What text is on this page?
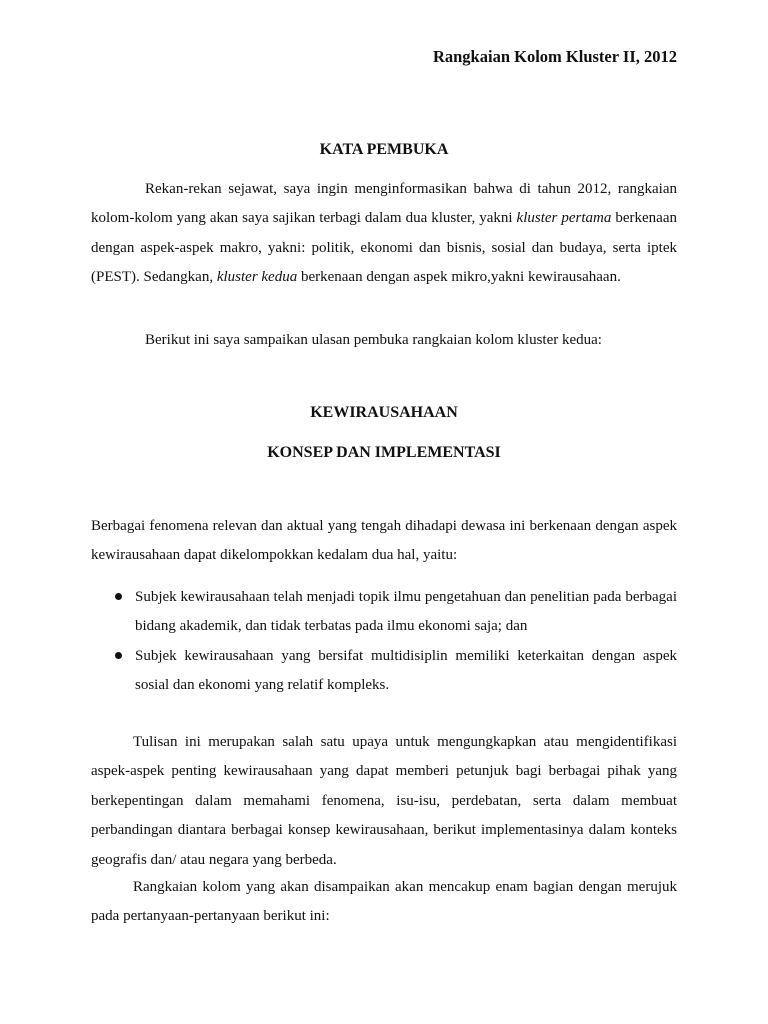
Rangkaian Kolom Kluster II, 2012
KATA PEMBUKA
Rekan-rekan sejawat, saya ingin menginformasikan bahwa di tahun 2012, rangkaian kolom-kolom yang akan saya sajikan terbagi dalam dua kluster, yakni kluster pertama berkenaan dengan aspek-aspek makro, yakni: politik, ekonomi dan bisnis, sosial dan budaya, serta iptek (PEST). Sedangkan, kluster kedua berkenaan dengan aspek mikro,yakni kewirausahaan.
Berikut ini saya sampaikan ulasan pembuka rangkaian kolom kluster kedua:
KEWIRAUSAHAAN
KONSEP DAN IMPLEMENTASI
Berbagai fenomena relevan dan aktual yang tengah dihadapi dewasa ini berkenaan dengan aspek kewirausahaan dapat dikelompokkan kedalam dua hal, yaitu:
Subjek kewirausahaan telah menjadi topik ilmu pengetahuan dan penelitian pada berbagai bidang akademik, dan tidak terbatas pada ilmu ekonomi saja; dan
Subjek kewirausahaan yang bersifat multidisiplin memiliki keterkaitan dengan aspek sosial dan ekonomi yang relatif kompleks.
Tulisan ini merupakan salah satu upaya untuk mengungkapkan atau mengidentifikasi aspek-aspek penting kewirausahaan yang dapat memberi petunjuk bagi berbagai pihak yang berkepentingan dalam memahami fenomena, isu-isu, perdebatan, serta dalam membuat perbandingan diantara berbagai konsep kewirausahaan, berikut implementasinya dalam konteks geografis dan/ atau negara yang berbeda.
Rangkaian kolom yang akan disampaikan akan mencakup enam bagian dengan merujuk pada pertanyaan-pertanyaan berikut ini:
